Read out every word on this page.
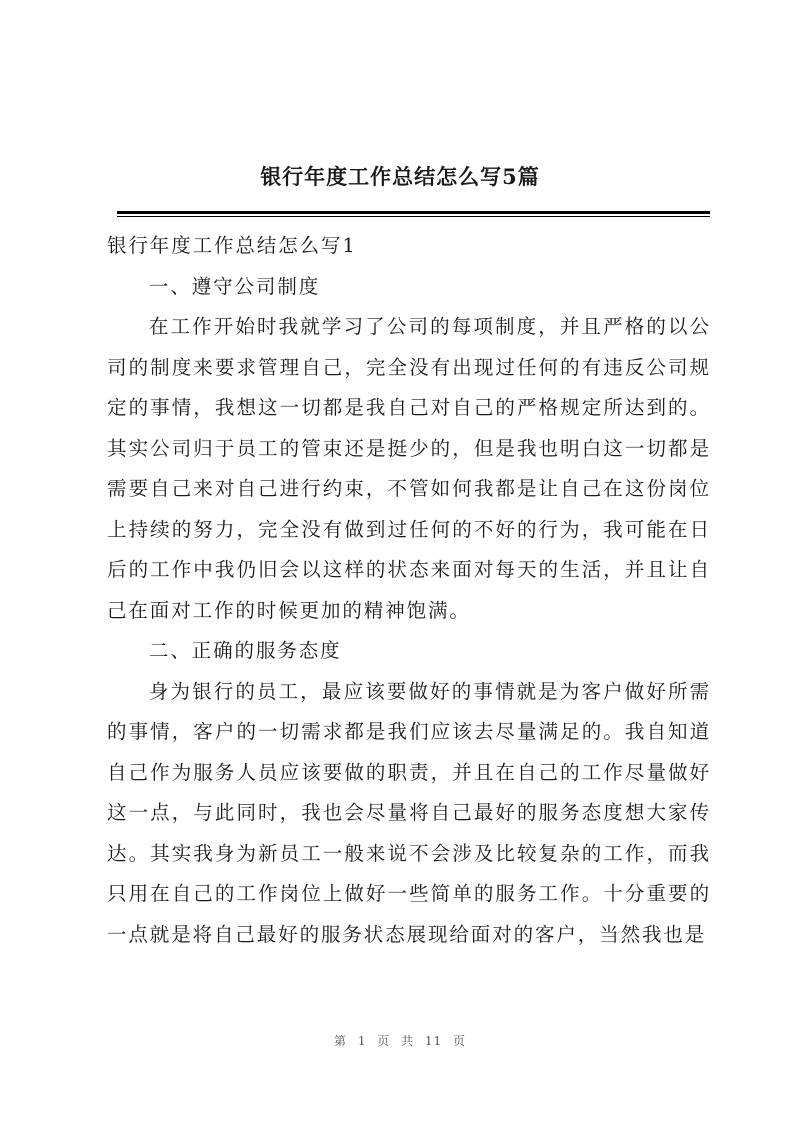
银行年度工作总结怎么写5篇

银行年度工作总结怎么写1

一、遵守公司制度

在工作开始时我就学习了公司的每项制度，并且严格的以公司的制度来要求管理自己，完全没有出现过任何的有违反公司规定的事情，我想这一切都是我自己对自己的严格规定所达到的。其实公司归于员工的管束还是挺少的，但是我也明白这一切都是需要自己来对自己进行约束，不管如何我都是让自己在这份岗位上持续的努力，完全没有做到过任何的不好的行为，我可能在日后的工作中我仍旧会以这样的状态来面对每天的生活，并且让自己在面对工作的时候更加的精神饱满。

二、正确的服务态度

身为银行的员工，最应该要做好的事情就是为客户做好所需的事情，客户的一切需求都是我们应该去尽量满足的。我自知道自己作为服务人员应该要做的职责，并且在自己的工作尽量做好这一点，与此同时，我也会尽量将自己最好的服务态度想大家传达。其实我身为新员工一般来说不会涉及比较复杂的工作，而我只用在自己的工作岗位上做好一些简单的服务工作。十分重要的一点就是将自己最好的服务状态展现给面对的客户，当然我也是

第 1 页 共 11 页
